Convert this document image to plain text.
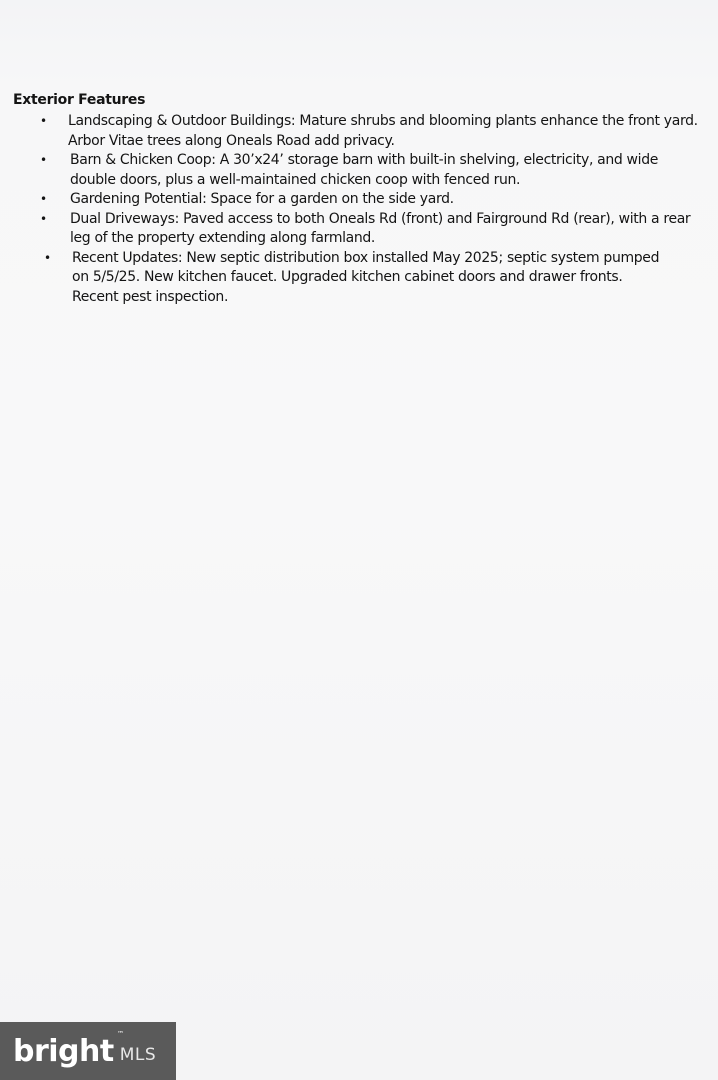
Exterior Features
• Landscaping & Outdoor Buildings: Mature shrubs and blooming plants enhance the front yard. Arbor Vitae trees along Oneals Road add privacy.
• Barn & Chicken Coop: A 30’x24’ storage barn with built-in shelving, electricity, and wide double doors, plus a well-maintained chicken coop with fenced run.
• Gardening Potential: Space for a garden on the side yard.
• Dual Driveways: Paved access to both Oneals Rd (front) and Fairground Rd (rear), with a rear leg of the property extending along farmland.
• Recent Updates: New septic distribution box installed May 2025; septic system pumped on 5/5/25. New kitchen faucet. Upgraded kitchen cabinet doors and drawer fronts. Recent pest inspection.
bright MLS
™
